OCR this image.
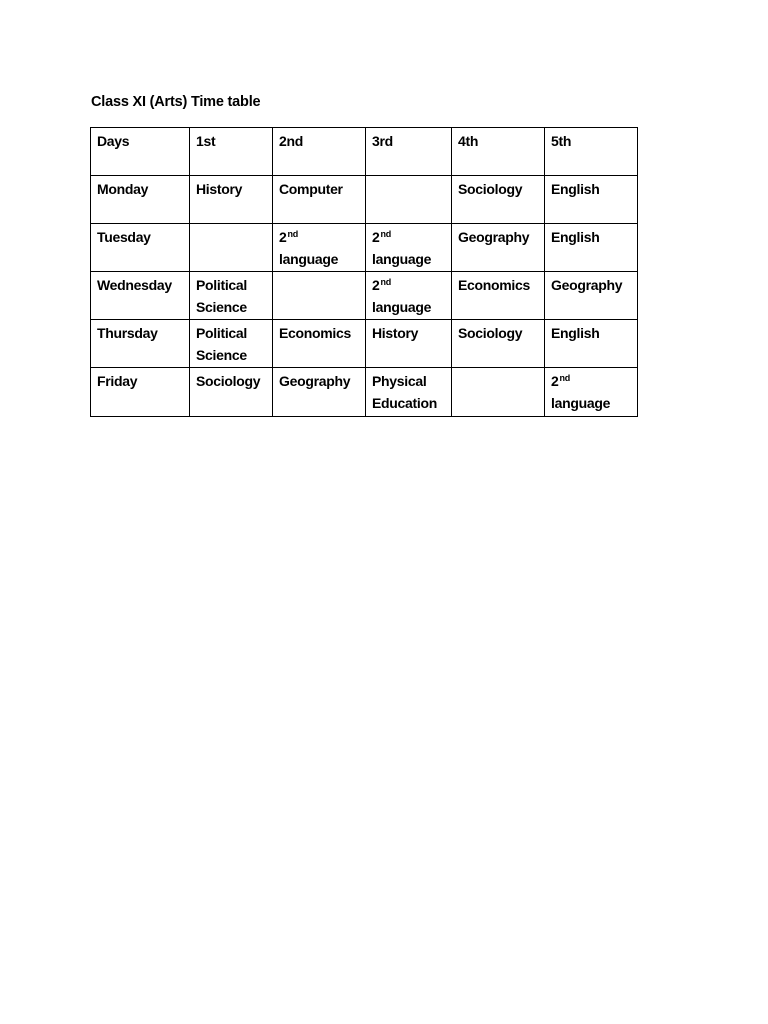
Class XI (Arts) Time table
Days	1st	2nd	3rd	4th	5th
Monday	History	Computer		Sociology	English
Tuesday		2nd
language	2nd
language	Geography	English
Wednesday	Political
Science		2nd
language	Economics	Geography
Thursday	Political
Science	Economics	History	Sociology	English
Friday	Sociology	Geography	Physical
Education		2nd
language
